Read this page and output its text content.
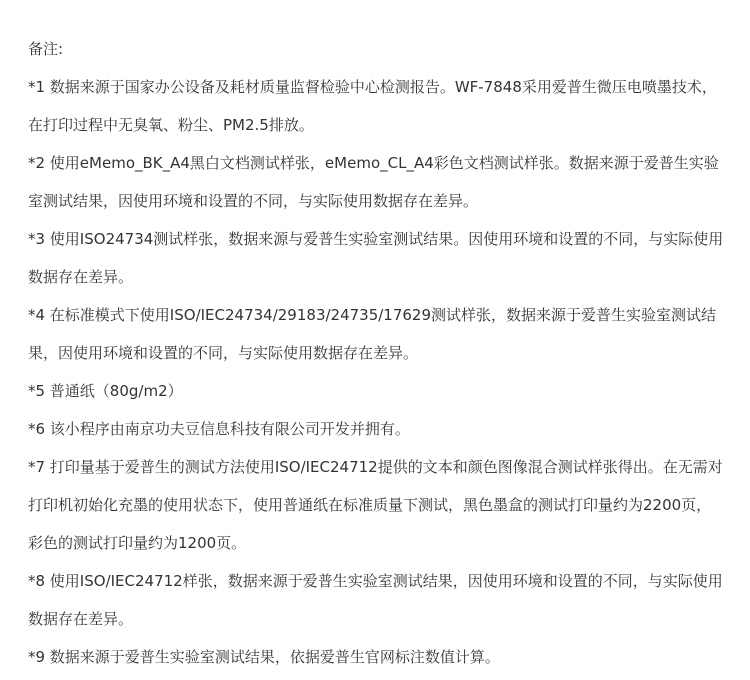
备注:

*1 数据来源于国家办公设备及耗材质量监督检验中心检测报告。WF-7848采用爱普生微压电喷墨技术，在打印过程中无臭氧、粉尘、PM2.5排放。
*2 使用eMemo_BK_A4黑白文档测试样张，eMemo_CL_A4彩色文档测试样张。数据来源于爱普生实验室测试结果，因使用环境和设置的不同，与实际使用数据存在差异。
*3 使用ISO24734测试样张，数据来源与爱普生实验室测试结果。因使用环境和设置的不同，与实际使用数据存在差异。
*4 在标准模式下使用ISO/IEC24734/29183/24735/17629测试样张，数据来源于爱普生实验室测试结果，因使用环境和设置的不同，与实际使用数据存在差异。
*5 普通纸（80g/m2）
*6 该小程序由南京功夫豆信息科技有限公司开发并拥有。
*7 打印量基于爱普生的测试方法使用ISO/IEC24712提供的文本和颜色图像混合测试样张得出。在无需对打印机初始化充墨的使用状态下，使用普通纸在标准质量下测试，黑色墨盒的测试打印量约为2200页，彩色的测试打印量约为1200页。
*8 使用ISO/IEC24712样张，数据来源于爱普生实验室测试结果，因使用环境和设置的不同，与实际使用数据存在差异。
*9 数据来源于爱普生实验室测试结果，依据爱普生官网标注数值计算。
